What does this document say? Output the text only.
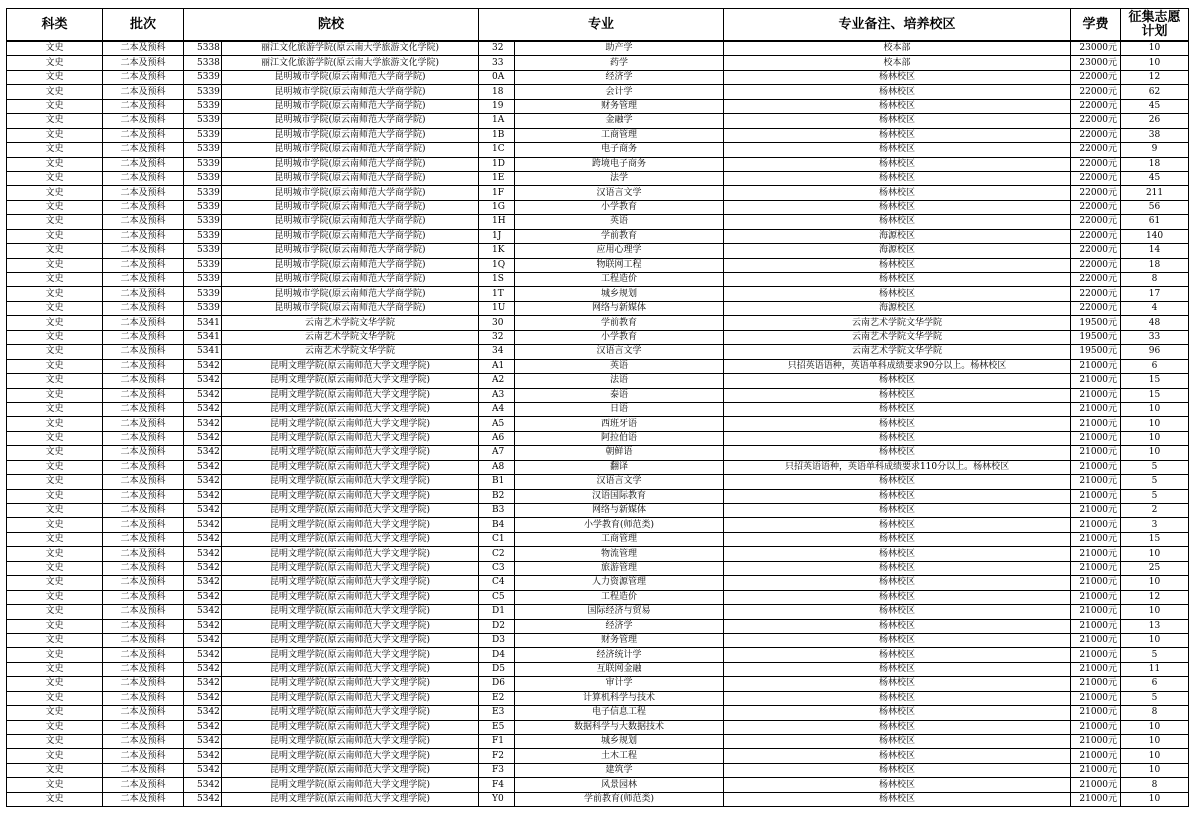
科类	批次	院校		专业		专业备注、培养校区	学费	征集志愿计划
文史	二本及预科	5338	丽江文化旅游学院(原云南大学旅游文化学院)	32	助产学	校本部	23000元	10
文史	二本及预科	5338	丽江文化旅游学院(原云南大学旅游文化学院)	33	药学	校本部	23000元	10
文史	二本及预科	5339	昆明城市学院(原云南师范大学商学院)	0A	经济学	杨林校区	22000元	12
文史	二本及预科	5339	昆明城市学院(原云南师范大学商学院)	18	会计学	杨林校区	22000元	62
文史	二本及预科	5339	昆明城市学院(原云南师范大学商学院)	19	财务管理	杨林校区	22000元	45
文史	二本及预科	5339	昆明城市学院(原云南师范大学商学院)	1A	金融学	杨林校区	22000元	26
文史	二本及预科	5339	昆明城市学院(原云南师范大学商学院)	1B	工商管理	杨林校区	22000元	38
文史	二本及预科	5339	昆明城市学院(原云南师范大学商学院)	1C	电子商务	杨林校区	22000元	9
文史	二本及预科	5339	昆明城市学院(原云南师范大学商学院)	1D	跨境电子商务	杨林校区	22000元	18
文史	二本及预科	5339	昆明城市学院(原云南师范大学商学院)	1E	法学	杨林校区	22000元	45
文史	二本及预科	5339	昆明城市学院(原云南师范大学商学院)	1F	汉语言文学	杨林校区	22000元	211
文史	二本及预科	5339	昆明城市学院(原云南师范大学商学院)	1G	小学教育	杨林校区	22000元	56
文史	二本及预科	5339	昆明城市学院(原云南师范大学商学院)	1H	英语	杨林校区	22000元	61
文史	二本及预科	5339	昆明城市学院(原云南师范大学商学院)	1J	学前教育	海源校区	22000元	140
文史	二本及预科	5339	昆明城市学院(原云南师范大学商学院)	1K	应用心理学	海源校区	22000元	14
文史	二本及预科	5339	昆明城市学院(原云南师范大学商学院)	1Q	物联网工程	杨林校区	22000元	18
文史	二本及预科	5339	昆明城市学院(原云南师范大学商学院)	1S	工程造价	杨林校区	22000元	8
文史	二本及预科	5339	昆明城市学院(原云南师范大学商学院)	1T	城乡规划	杨林校区	22000元	17
文史	二本及预科	5339	昆明城市学院(原云南师范大学商学院)	1U	网络与新媒体	海源校区	22000元	4
文史	二本及预科	5341	云南艺术学院文华学院	30	学前教育	云南艺术学院文华学院	19500元	48
文史	二本及预科	5341	云南艺术学院文华学院	32	小学教育	云南艺术学院文华学院	19500元	33
文史	二本及预科	5341	云南艺术学院文华学院	34	汉语言文学	云南艺术学院文华学院	19500元	96
文史	二本及预科	5342	昆明文理学院(原云南师范大学文理学院)	A1	英语	只招英语语种，英语单科成绩要求90分以上。杨林校区	21000元	6
文史	二本及预科	5342	昆明文理学院(原云南师范大学文理学院)	A2	法语	杨林校区	21000元	15
文史	二本及预科	5342	昆明文理学院(原云南师范大学文理学院)	A3	泰语	杨林校区	21000元	15
文史	二本及预科	5342	昆明文理学院(原云南师范大学文理学院)	A4	日语	杨林校区	21000元	10
文史	二本及预科	5342	昆明文理学院(原云南师范大学文理学院)	A5	西班牙语	杨林校区	21000元	10
文史	二本及预科	5342	昆明文理学院(原云南师范大学文理学院)	A6	阿拉伯语	杨林校区	21000元	10
文史	二本及预科	5342	昆明文理学院(原云南师范大学文理学院)	A7	朝鲜语	杨林校区	21000元	10
文史	二本及预科	5342	昆明文理学院(原云南师范大学文理学院)	A8	翻译	只招英语语种，英语单科成绩要求110分以上。杨林校区	21000元	5
文史	二本及预科	5342	昆明文理学院(原云南师范大学文理学院)	B1	汉语言文学	杨林校区	21000元	5
文史	二本及预科	5342	昆明文理学院(原云南师范大学文理学院)	B2	汉语国际教育	杨林校区	21000元	5
文史	二本及预科	5342	昆明文理学院(原云南师范大学文理学院)	B3	网络与新媒体	杨林校区	21000元	2
文史	二本及预科	5342	昆明文理学院(原云南师范大学文理学院)	B4	小学教育(师范类)	杨林校区	21000元	3
文史	二本及预科	5342	昆明文理学院(原云南师范大学文理学院)	C1	工商管理	杨林校区	21000元	15
文史	二本及预科	5342	昆明文理学院(原云南师范大学文理学院)	C2	物流管理	杨林校区	21000元	10
文史	二本及预科	5342	昆明文理学院(原云南师范大学文理学院)	C3	旅游管理	杨林校区	21000元	25
文史	二本及预科	5342	昆明文理学院(原云南师范大学文理学院)	C4	人力资源管理	杨林校区	21000元	10
文史	二本及预科	5342	昆明文理学院(原云南师范大学文理学院)	C5	工程造价	杨林校区	21000元	12
文史	二本及预科	5342	昆明文理学院(原云南师范大学文理学院)	D1	国际经济与贸易	杨林校区	21000元	10
文史	二本及预科	5342	昆明文理学院(原云南师范大学文理学院)	D2	经济学	杨林校区	21000元	13
文史	二本及预科	5342	昆明文理学院(原云南师范大学文理学院)	D3	财务管理	杨林校区	21000元	10
文史	二本及预科	5342	昆明文理学院(原云南师范大学文理学院)	D4	经济统计学	杨林校区	21000元	5
文史	二本及预科	5342	昆明文理学院(原云南师范大学文理学院)	D5	互联网金融	杨林校区	21000元	11
文史	二本及预科	5342	昆明文理学院(原云南师范大学文理学院)	D6	审计学	杨林校区	21000元	6
文史	二本及预科	5342	昆明文理学院(原云南师范大学文理学院)	E2	计算机科学与技术	杨林校区	21000元	5
文史	二本及预科	5342	昆明文理学院(原云南师范大学文理学院)	E3	电子信息工程	杨林校区	21000元	8
文史	二本及预科	5342	昆明文理学院(原云南师范大学文理学院)	E5	数据科学与大数据技术	杨林校区	21000元	10
文史	二本及预科	5342	昆明文理学院(原云南师范大学文理学院)	F1	城乡规划	杨林校区	21000元	10
文史	二本及预科	5342	昆明文理学院(原云南师范大学文理学院)	F2	土木工程	杨林校区	21000元	10
文史	二本及预科	5342	昆明文理学院(原云南师范大学文理学院)	F3	建筑学	杨林校区	21000元	10
文史	二本及预科	5342	昆明文理学院(原云南师范大学文理学院)	F4	风景园林	杨林校区	21000元	8
文史	二本及预科	5342	昆明文理学院(原云南师范大学文理学院)	Y0	学前教育(师范类)	杨林校区	21000元	10
